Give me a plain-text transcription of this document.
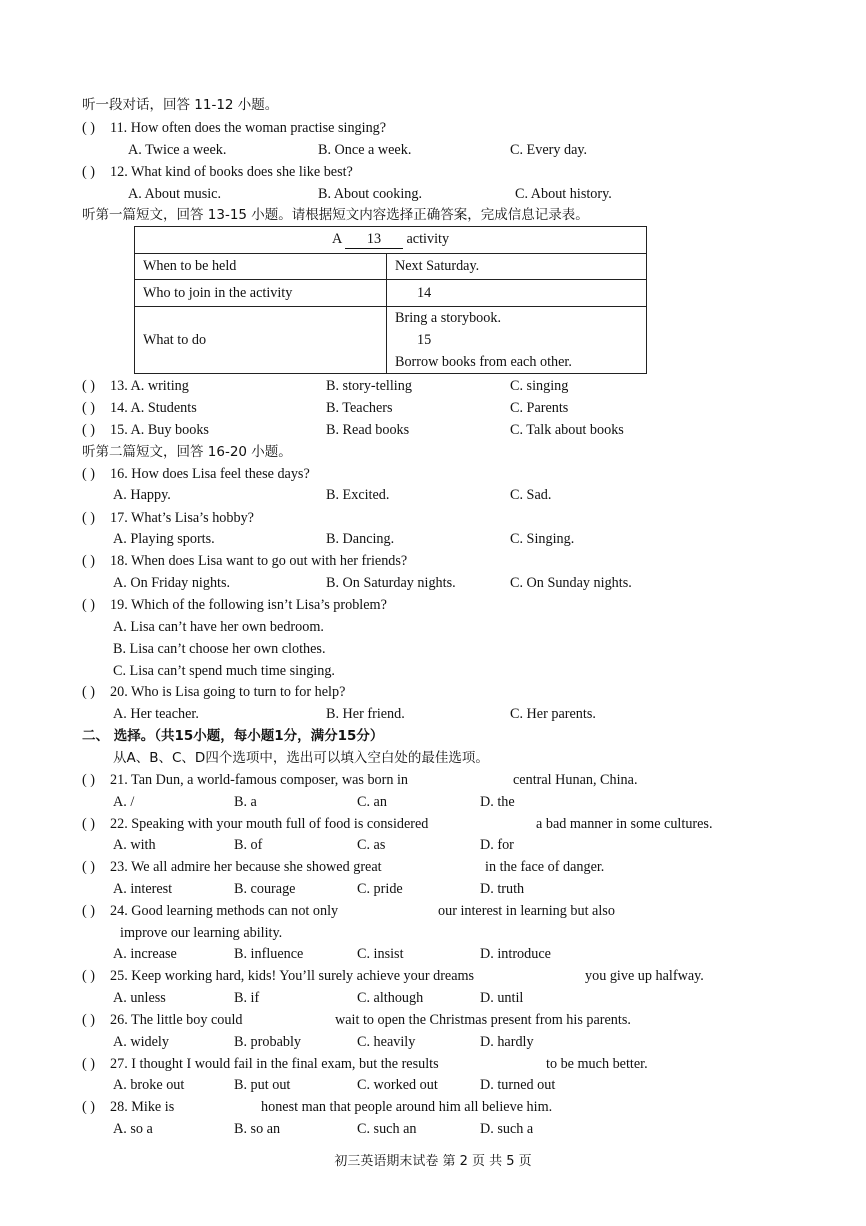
听一段对话，回答 11-12 小题。
( ) 11. How often does the woman practise singing?
A. Twice a week.	B. Once a week.	C. Every day.
( ) 12. What kind of books does she like best?
A. About music.	B. About cooking.	C. About history.
听第一篇短文，回答 13-15 小题。请根据短文内容选择正确答案，完成信息记录表。
A 13 activity	
When to be held	Next Saturday.
Who to join in the activity	14
What to do	Bring a storybook.
15
Borrow books from each other.
( ) 13. A. writing	B. story-telling	C. singing
( ) 14. A. Students	B. Teachers	C. Parents
( ) 15. A. Buy books	B. Read books	C. Talk about books
听第二篇短文，回答 16-20 小题。
( ) 16. How does Lisa feel these days?
A. Happy.	B. Excited.	C. Sad.
( ) 17. What’s Lisa’s hobby?
A. Playing sports.	B. Dancing.	C. Singing.
( ) 18. When does Lisa want to go out with her friends?
A. On Friday nights.	B. On Saturday nights.	C. On Sunday nights.
( ) 19. Which of the following isn’t Lisa’s problem?
A. Lisa can’t have her own bedroom.
B. Lisa can’t choose her own clothes.
C. Lisa can’t spend much time singing.
( ) 20. Who is Lisa going to turn to for help?
A. Her teacher.	B. Her friend.	C. Her parents.
二、 选择。（共15小题，每小题1分，满分15分）
从A、B、C、D四个选项中，选出可以填入空白处的最佳选项。
( ) 21. Tan Dun, a world-famous composer, was born in	central Hunan, China.
A. /	B. a	C. an	D. the
( ) 22. Speaking with your mouth full of food is considered	a bad manner in some cultures.
A. with	B. of	C. as	D. for
( ) 23. We all admire her because she showed great	in the face of danger.
A. interest	B. courage	C. pride	D. truth
( ) 24. Good learning methods can not only	our interest in learning but also
improve our learning ability.
A. increase	B. influence	C. insist	D. introduce
( ) 25. Keep working hard, kids! You’ll surely achieve your dreams	you give up halfway.
A. unless	B. if	C. although	D. until
( ) 26. The little boy could	wait to open the Christmas present from his parents.
A. widely	B. probably	C. heavily	D. hardly
( ) 27. I thought I would fail in the final exam, but the results	to be much better.
A. broke out	B. put out	C. worked out	D. turned out
( ) 28. Mike is	honest man that people around him all believe him.
A. so a	B. so an	C. such an	D. such a
初三英语期末试卷 第 2 页 共 5 页
